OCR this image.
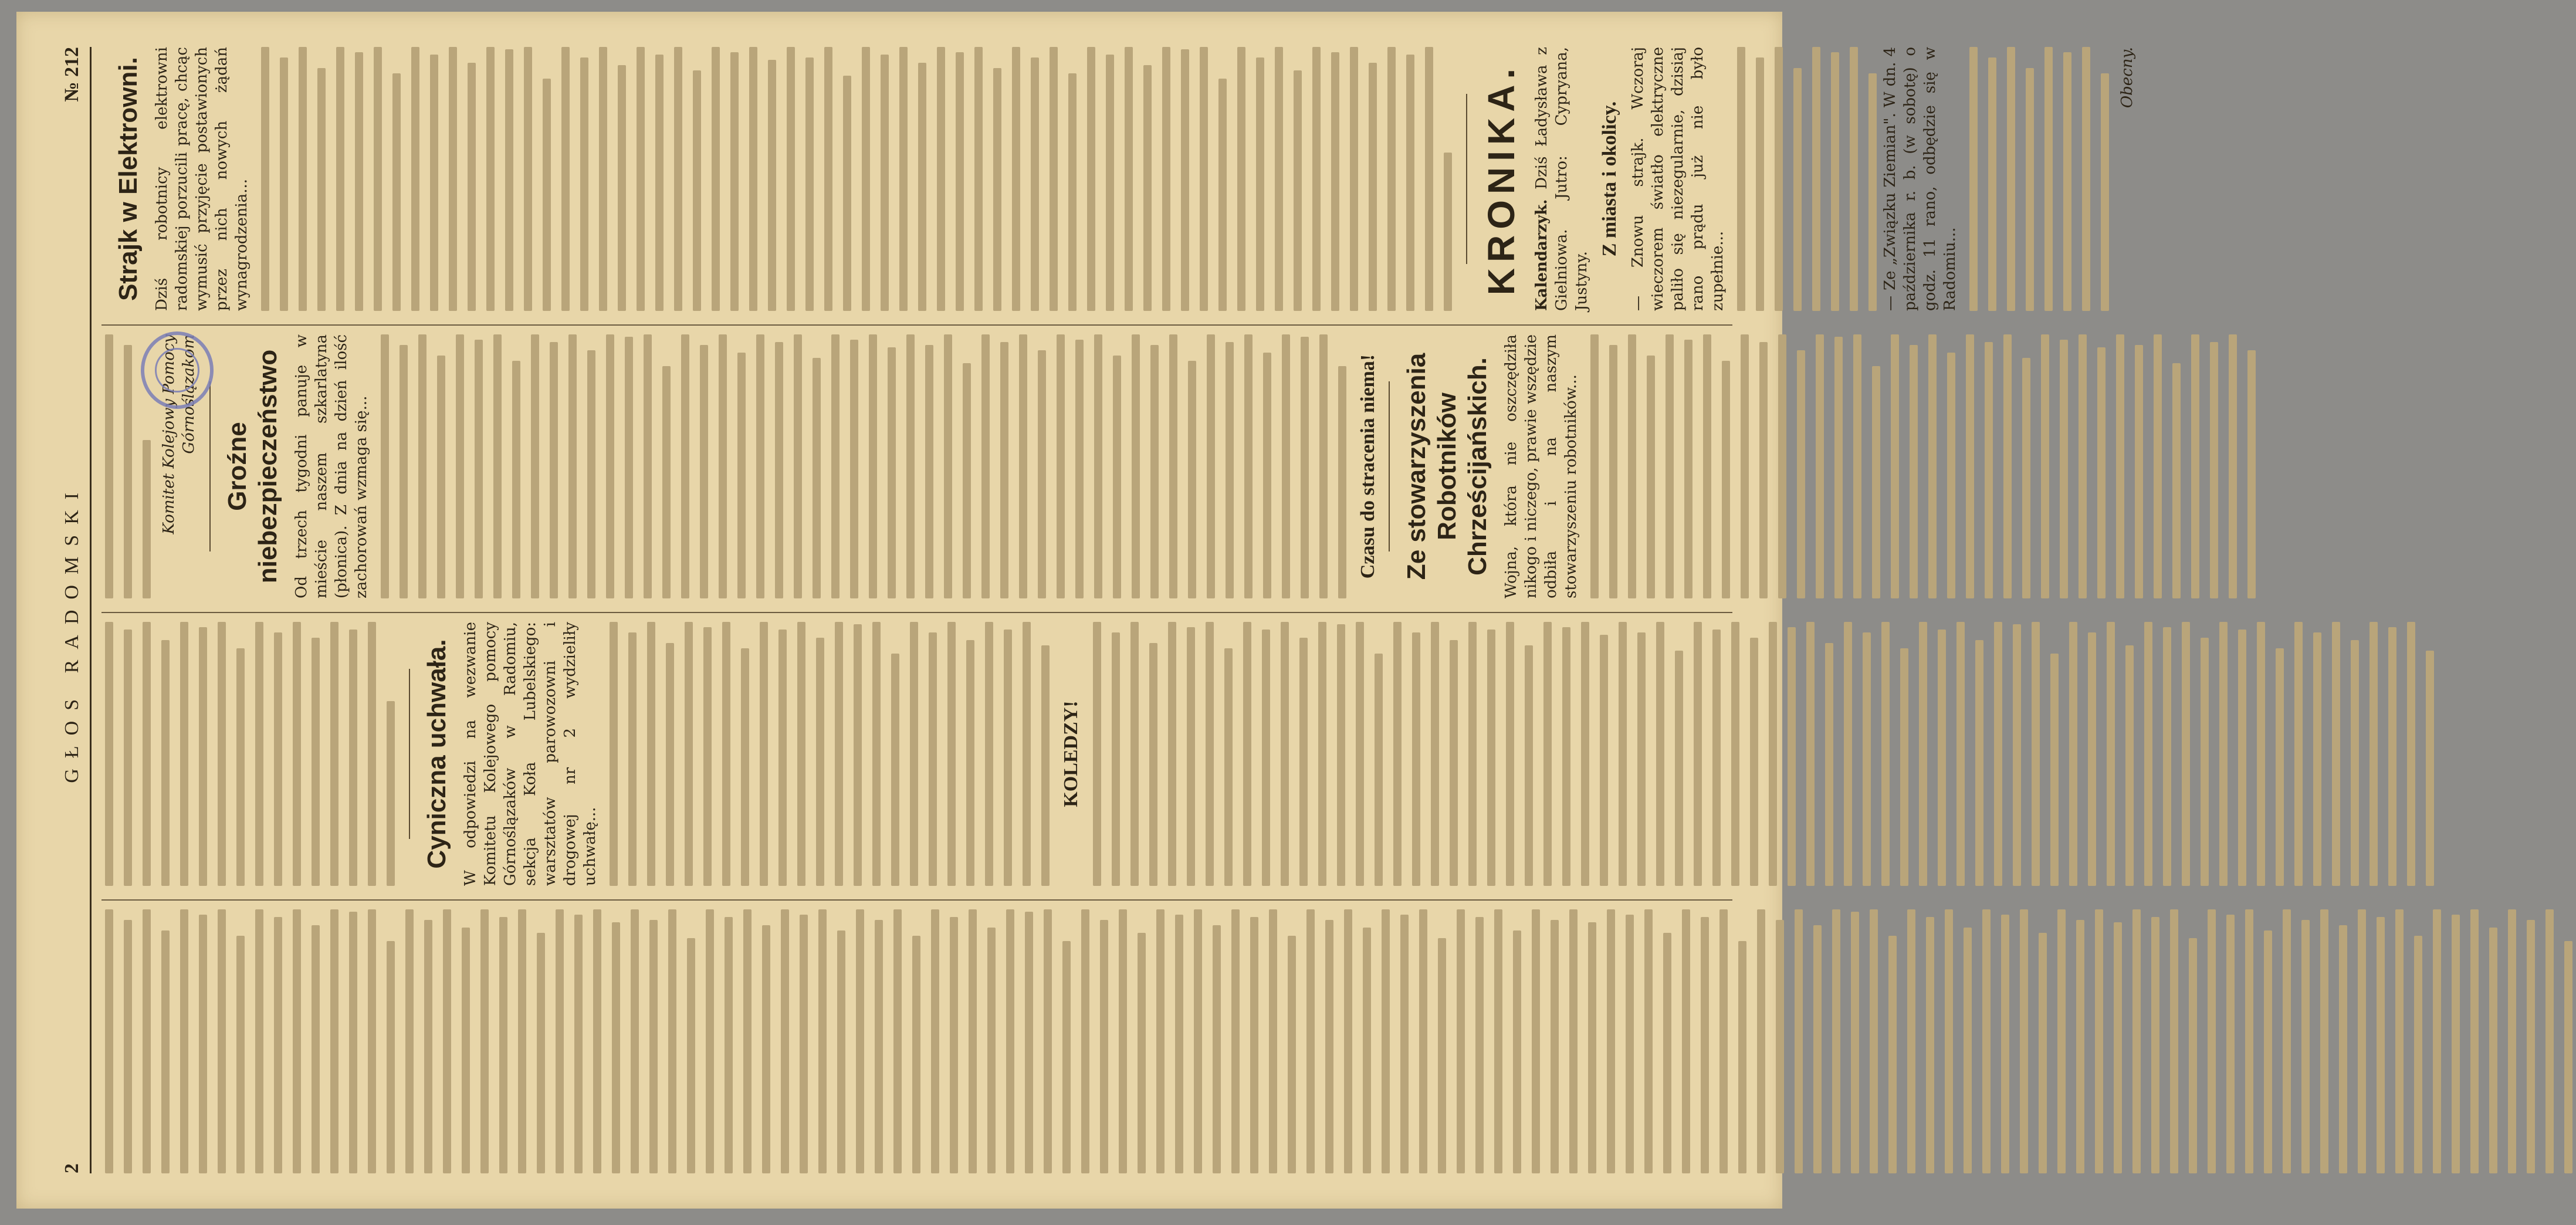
2
GŁOS RADOMSKI
№ 212
Cyniczna uchwała. W odpowiedzi na wezwanie Komitetu Kolejowego pomocy Górnoślązaków w Radomiu, sekcja Koła Lubelskiego: warsztatów parowozowni i drogowej nr 2 wydzieliły uchwałę...
KOLEDZY!
Komitet Kolejowy Pomocy Górnoślązakom
Groźne niebezpieczeństwo Od trzech tygodni panuje w mieście naszem szkarlatyna (płonica). Z dnia na dzień ilość zachorowań wzmaga się...	Czasu do stracenia niema! Ze stowarzyszenia Robotników Chrześcijańskich. Wojna, która nie oszczędziła nikogo i niczego, prawie wszędzie odbiła i na naszym stowarzyszeniu robotników...
Strajk w Elektrowni. Dziś robotnicy elektrowni radomskiej porzucili pracę, chcąc wymusić przyjęcie postawionych przez nich nowych żądań wynagrodzenia...	KRONIKA. Kalendarzyk. Dziś Ładysława z Gielniowa. Jutro: Cypryana, Justyny.
Z miasta i okolicy. — Znowu strajk. Wczoraj wieczorem światło elektryczne paliło się niezegularnie, dzisiaj rano prądu już nie było zupełnie...	— Ze „Związku Ziemian". W dn. 4 października r. b. (w sobotę) o godz. 11 rano, odbędzie się w Radomiu...
Obecny.
